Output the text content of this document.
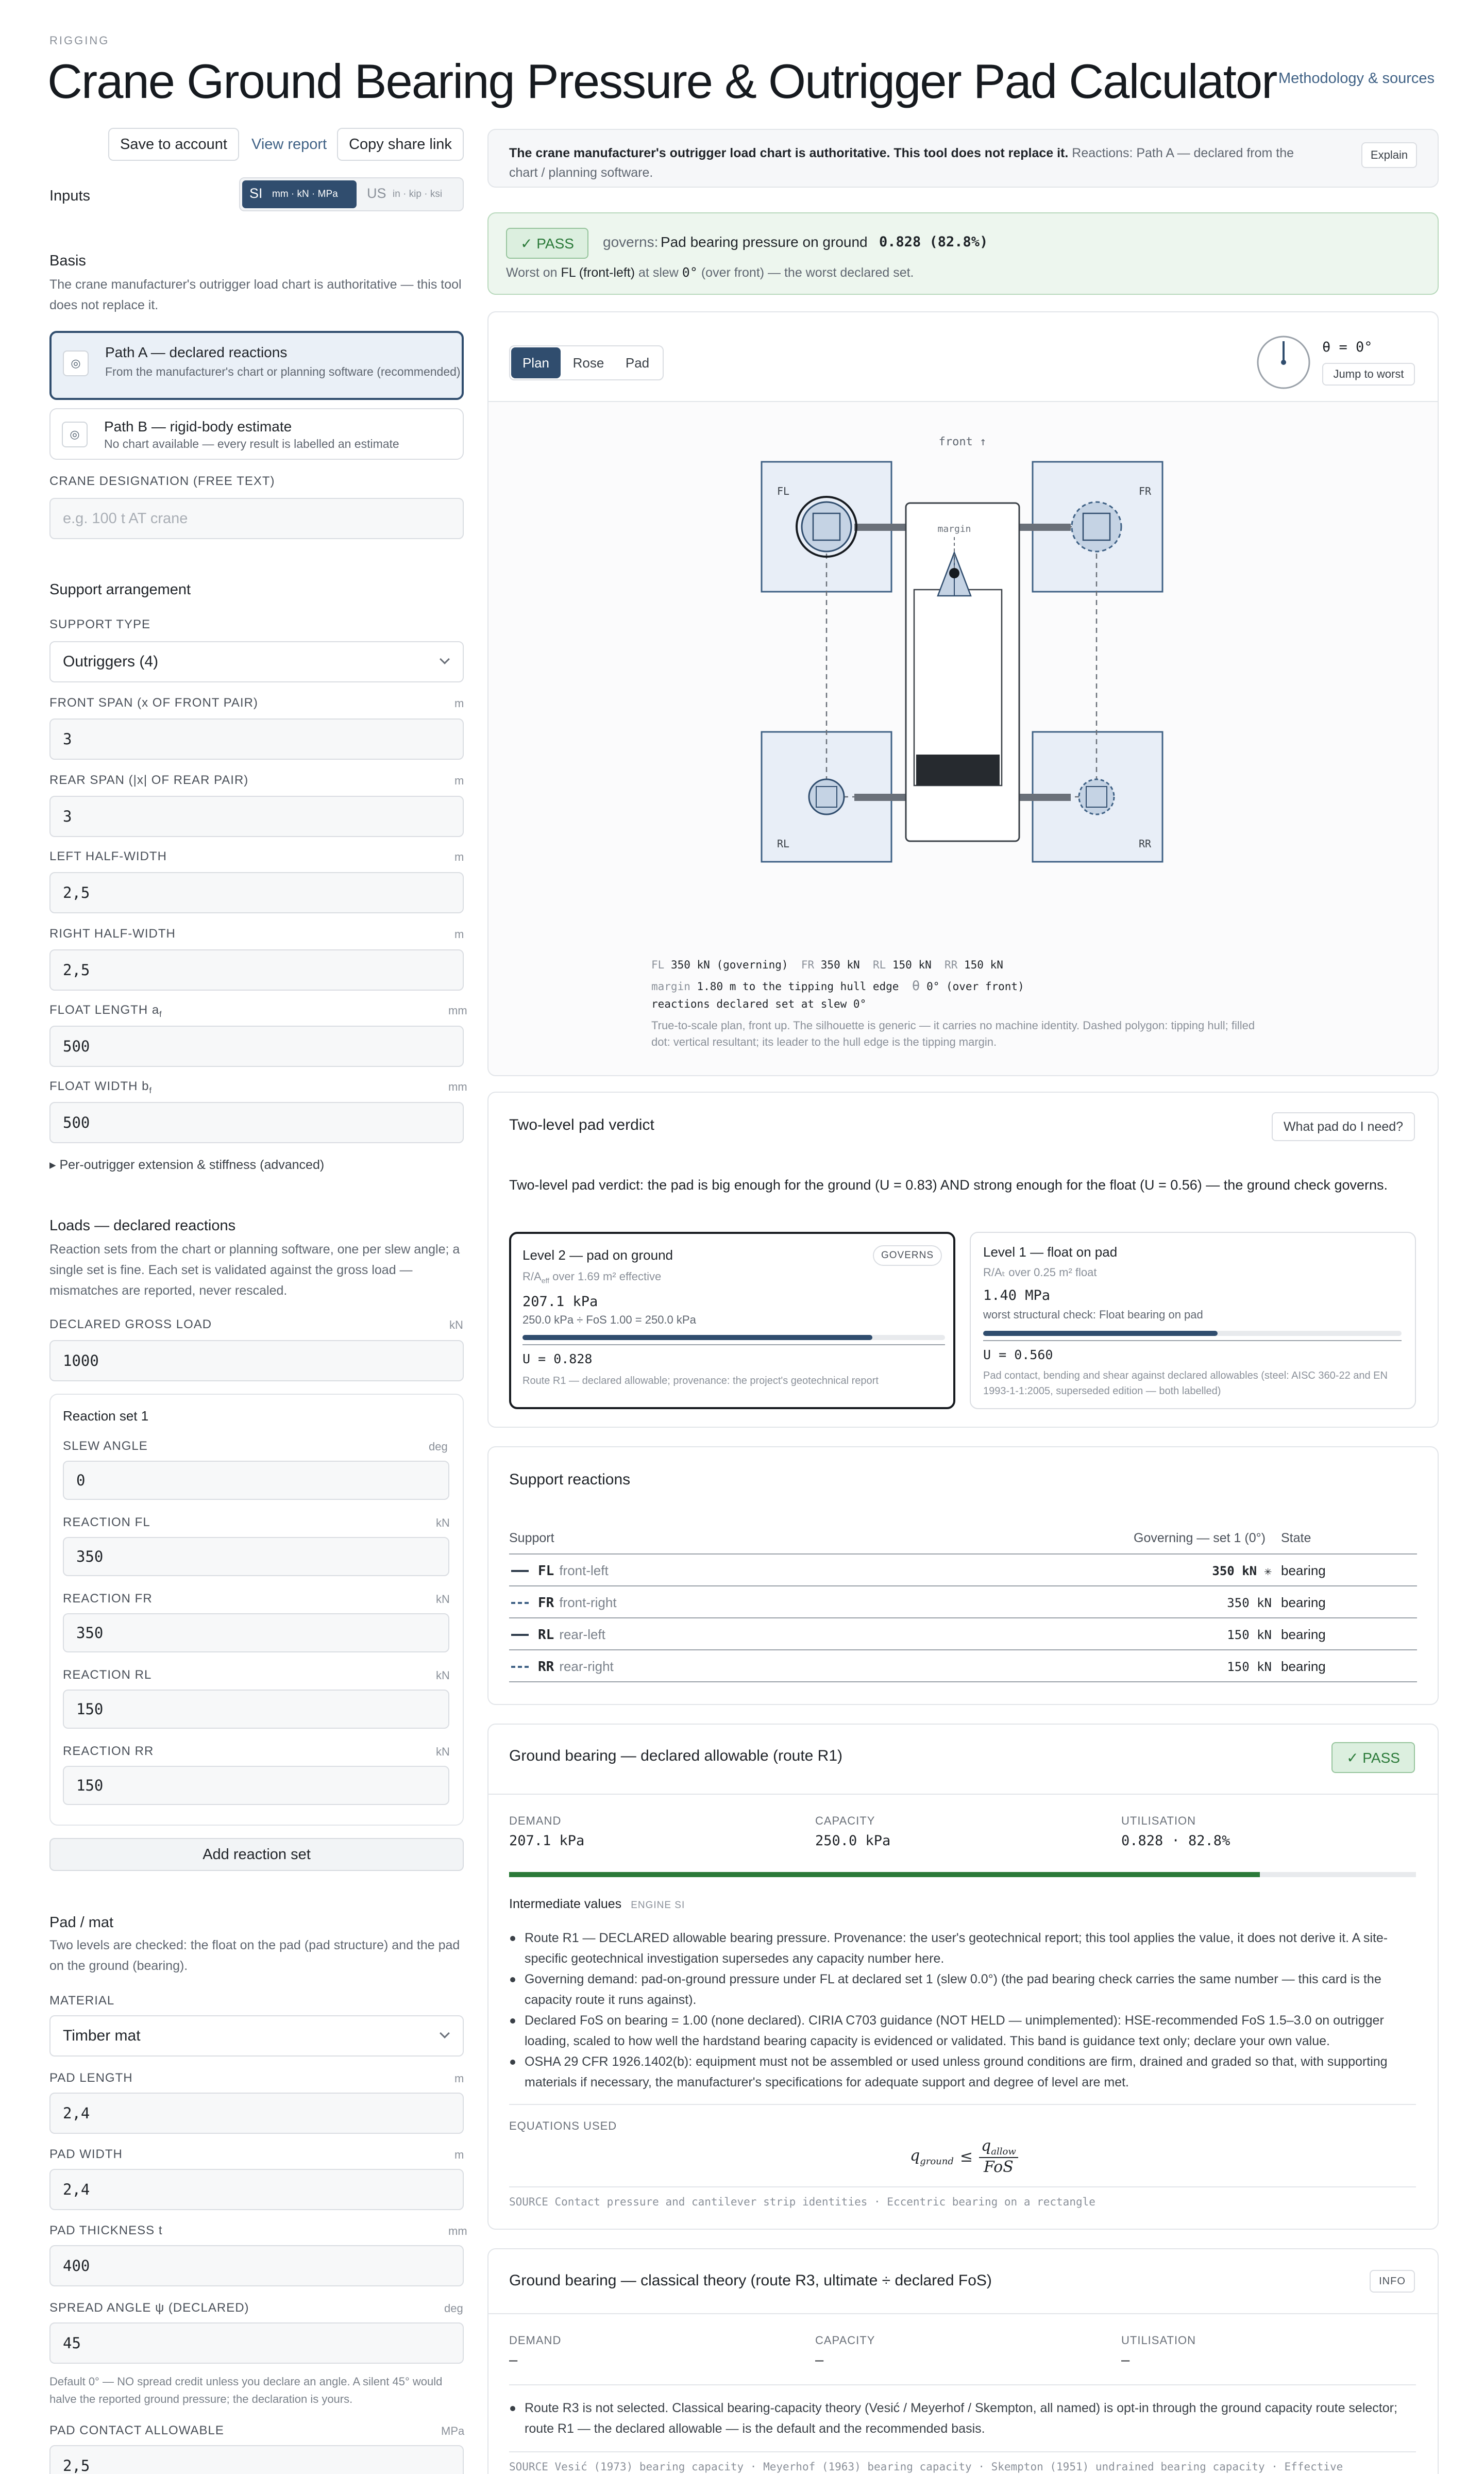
RIGGING
Crane Ground Bearing Pressure & Outrigger Pad Calculator Methodology & sources
Save to account	View report	Copy share link
Inputs	SI mm · kN · MPa US in · kip · ksi
Basis
The crane manufacturer's outrigger load chart is authoritative — this tool does not replace it.
◎
Path A — declared reactions
From the manufacturer's chart or planning software (recommended)
◎	Path B — rigid-body estimate
No chart available — every result is labelled an estimate
CRANE DESIGNATION (FREE TEXT)
e.g. 100 t AT crane
Support arrangement
SUPPORT TYPE
Outriggers (4)
FRONT SPAN (x OF FRONT PAIR)	m
3
REAR SPAN (|x| OF REAR PAIR)	m
3
LEFT HALF-WIDTH	m
2,5
RIGHT HALF-WIDTH	m
2,5
FLOAT LENGTH $a_f$	mm
500
FLOAT WIDTH $b_f$	mm
500
▸ Per-outrigger extension & stiffness (advanced)
Loads — declared reactions
Reaction sets from the chart or planning software, one per slew angle; a single set is fine. Each set is validated against the gross load — mismatches are reported, never rescaled.
DECLARED GROSS LOAD	kN
1000
Reaction set 1
SLEW ANGLE	deg
0
REACTION FL	kN
350
REACTION FR	kN
350
REACTION RL	kN
150
REACTION RR	kN
150
Add reaction set
Pad / mat
Two levels are checked: the float on the pad (pad structure) and the pad on the ground (bearing).
MATERIAL
Timber mat
PAD LENGTH	m
2,4
PAD WIDTH	m
2,4
PAD THICKNESS t	mm
400
SPREAD ANGLE ψ (DECLARED)	deg
45
Default 0° — NO spread credit unless you declare an angle. A silent 45° would halve the reported ground pressure; the declaration is yours.
PAD CONTACT ALLOWABLE	MPa
2,5
The crane manufacturer's outrigger load chart is authoritative. This tool does not replace it. Reactions: Path A — declared from the chart / planning software.
Explain
✓ PASS	governs: Pad bearing pressure on ground 0.828 (82.8%)
Worst on FL (front-left) at slew 0° (over front) — the worst declared set.
Plan	Rose	Pad
θ = 0°
Jump to worst
front ↑
FL	FR
RL	RR
margin
FL 350 kN (governing) FR 350 kN RL 150 kN RR 150 kN
margin 1.80 m to the tipping hull edge θ 0° (over front)
reactions declared set at slew 0°
True-to-scale plan, front up. The silhouette is generic — it carries no machine identity. Dashed polygon: tipping hull; filled dot: vertical resultant; its leader to the hull edge is the tipping margin.
Two-level pad verdict	What pad do I need?
Two-level pad verdict: the pad is big enough for the ground (U = 0.83) AND strong enough for the float (U = 0.56) — the ground check governs.
Level 2 — pad on ground	GOVERNS
$R/A_{eff}$ over 1.69 m² effective
207.1 kPa
250.0 kPa ÷ FoS 1.00 = 250.0 kPa
U = 0.828
Route R1 — declared allowable; provenance: the project's geotechnical report
Level 1 — float on pad
R/Aₜ over 0.25 m² float
1.40 MPa
worst structural check: Float bearing on pad
U = 0.560
Pad contact, bending and shear against declared allowables (steel: AISC 360-22 and EN 1993-1-1:2005, superseded edition — both labelled)
Support reactions
Support	Governing — set 1 (0°) State
FL front-left	350 kN ✳ bearing
FR front-right	350 kN bearing
RL rear-left	150 kN bearing
RR rear-right	150 kN bearing
Ground bearing — declared allowable (route R1)	✓ PASS
DEMAND
207.1 kPa
CAPACITY
250.0 kPa
UTILISATION
0.828 · 82.8%
Intermediate values ENGINE SI
Route R1 — DECLARED allowable bearing pressure. Provenance: the user's geotechnical report; this tool applies the value, it does not derive it. A site-specific geotechnical investigation supersedes any capacity number here.
Governing demand: pad-on-ground pressure under FL at declared set 1 (slew 0.0°) (the pad bearing check carries the same number — this card is the capacity route it runs against).
Declared FoS on bearing = 1.00 (none declared). CIRIA C703 guidance (NOT HELD — unimplemented): HSE-recommended FoS 1.5–3.0 on outrigger loading, scaled to how well the hardstand bearing capacity is evidenced or validated. This band is guidance text only; declare your own value.
OSHA 29 CFR 1926.1402(b): equipment must not be assembled or used unless ground conditions are firm, drained and graded so that, with supporting materials if necessary, the manufacturer's specifications for adequate support and degree of level are met.
EQUATIONS USED
$q_{ground}$ ≤
$q_{allow}$
FoS
SOURCE Contact pressure and cantilever strip identities · Eccentric bearing on a rectangle
Ground bearing — classical theory (route R3, ultimate ÷ declared FoS)	INFO
DEMAND
–
CAPACITY
–
UTILISATION
–
Route R3 is not selected. Classical bearing-capacity theory (Vesić / Meyerhof / Skempton, all named) is opt-in through the ground capacity route selector; route R1 — the declared allowable — is the default and the recommended basis.
SOURCE Vesić (1973) bearing capacity · Meyerhof (1963) bearing capacity · Skempton (1951) undrained bearing capacity · Effective
